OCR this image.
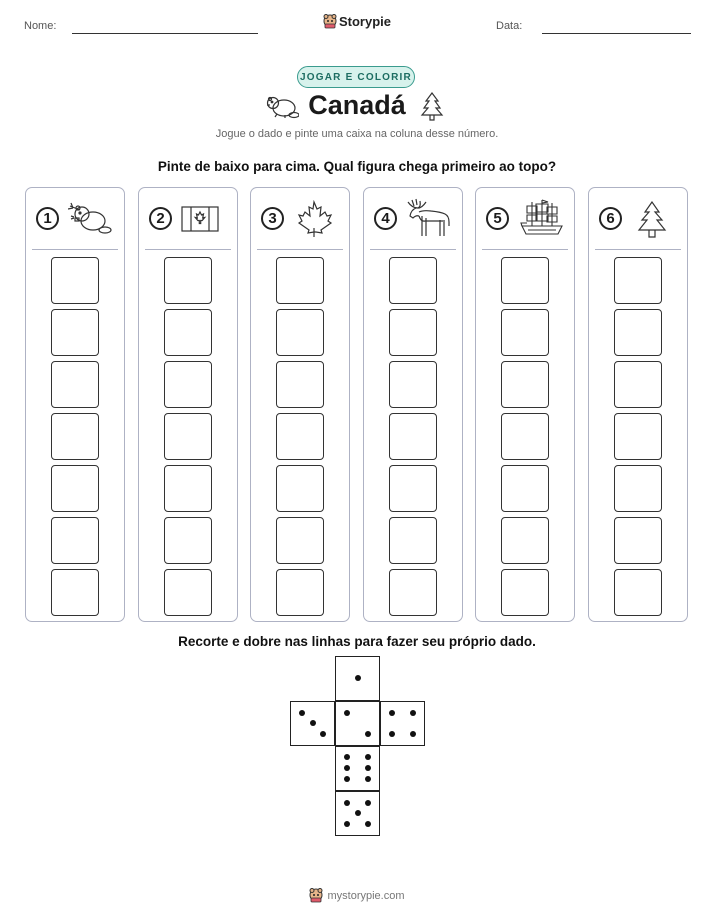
Nome:	Storypie	Data:
JOGAR E COLORIR
Canadá
Jogue o dado e pinte uma caixa na coluna desse número.
Pinte de baixo para cima. Qual figura chega primeiro ao topo?
1	2	3	4	5	6
Recorte e dobre nas linhas para fazer seu próprio dado.
mystorypie.com
